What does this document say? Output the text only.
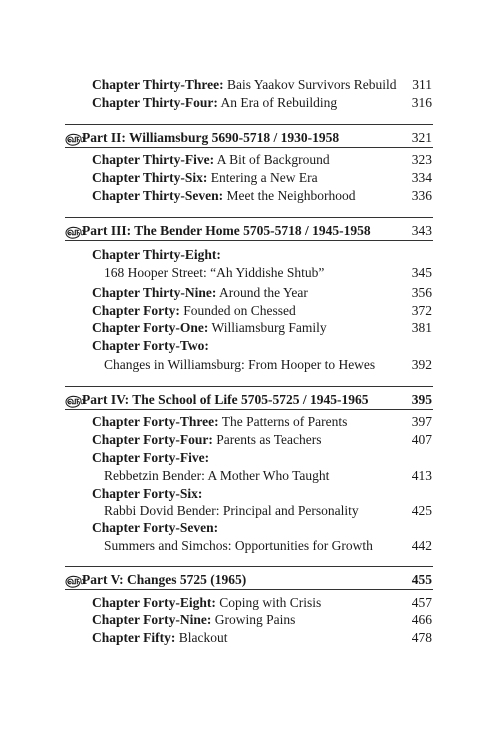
Chapter Thirty-Three: Bais Yaakov Survivors Rebuild 311
Chapter Thirty-Four: An Era of Rebuilding	316
௵Part II: Williamsburg 5690-5718 / 1930-1958	321
Chapter Thirty-Five: A Bit of Background	323
Chapter Thirty-Six: Entering a New Era	334
Chapter Thirty-Seven: Meet the Neighborhood	336
௵Part III: The Bender Home 5705-5718 / 1945-1958	343
Chapter Thirty-Eight:
168 Hooper Street: “Ah Yiddishe Shtub”	345
Chapter Thirty-Nine: Around the Year	356
Chapter Forty: Founded on Chessed	372
Chapter Forty-One: Williamsburg Family	381
Chapter Forty-Two:
Changes in Williamsburg: From Hooper to Hewes	392
௵Part IV: The School of Life 5705-5725 / 1945-1965	395
Chapter Forty-Three: The Patterns of Parents	397
Chapter Forty-Four: Parents as Teachers	407
Chapter Forty-Five:
Rebbetzin Bender: A Mother Who Taught	413
Chapter Forty-Six:
Rabbi Dovid Bender: Principal and Personality	425
Chapter Forty-Seven:
Summers and Simchos: Opportunities for Growth	442
௵Part V: Changes 5725 (1965)	455
Chapter Forty-Eight: Coping with Crisis	457
Chapter Forty-Nine: Growing Pains	466
Chapter Fifty: Blackout	478
